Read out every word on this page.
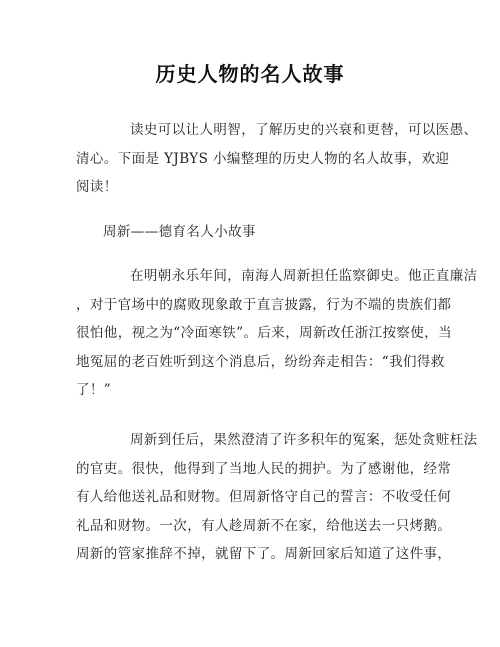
历史人物的名人故事

读史可以让人明智，了解历史的兴衰和更替，可以医愚、
清心。下面是 YJBYS 小编整理的历史人物的名人故事，欢迎
阅读！

周新——德育名人小故事

在明朝永乐年间，南海人周新担任监察御史。他正直廉洁
，对于官场中的腐败现象敢于直言披露，行为不端的贵族们都
很怕他，视之为“冷面寒铁”。后来，周新改任浙江按察使，当
地冤屈的老百姓听到这个消息后，纷纷奔走相告：“我们得救
了！”

周新到任后，果然澄清了许多积年的冤案，惩处贪赃枉法
的官吏。很快，他得到了当地人民的拥护。为了感谢他，经常
有人给他送礼品和财物。但周新恪守自己的誓言：不收受任何
礼品和财物。一次，有人趁周新不在家，给他送去一只烤鹅。
周新的管家推辞不掉，就留下了。周新回家后知道了这件事，
